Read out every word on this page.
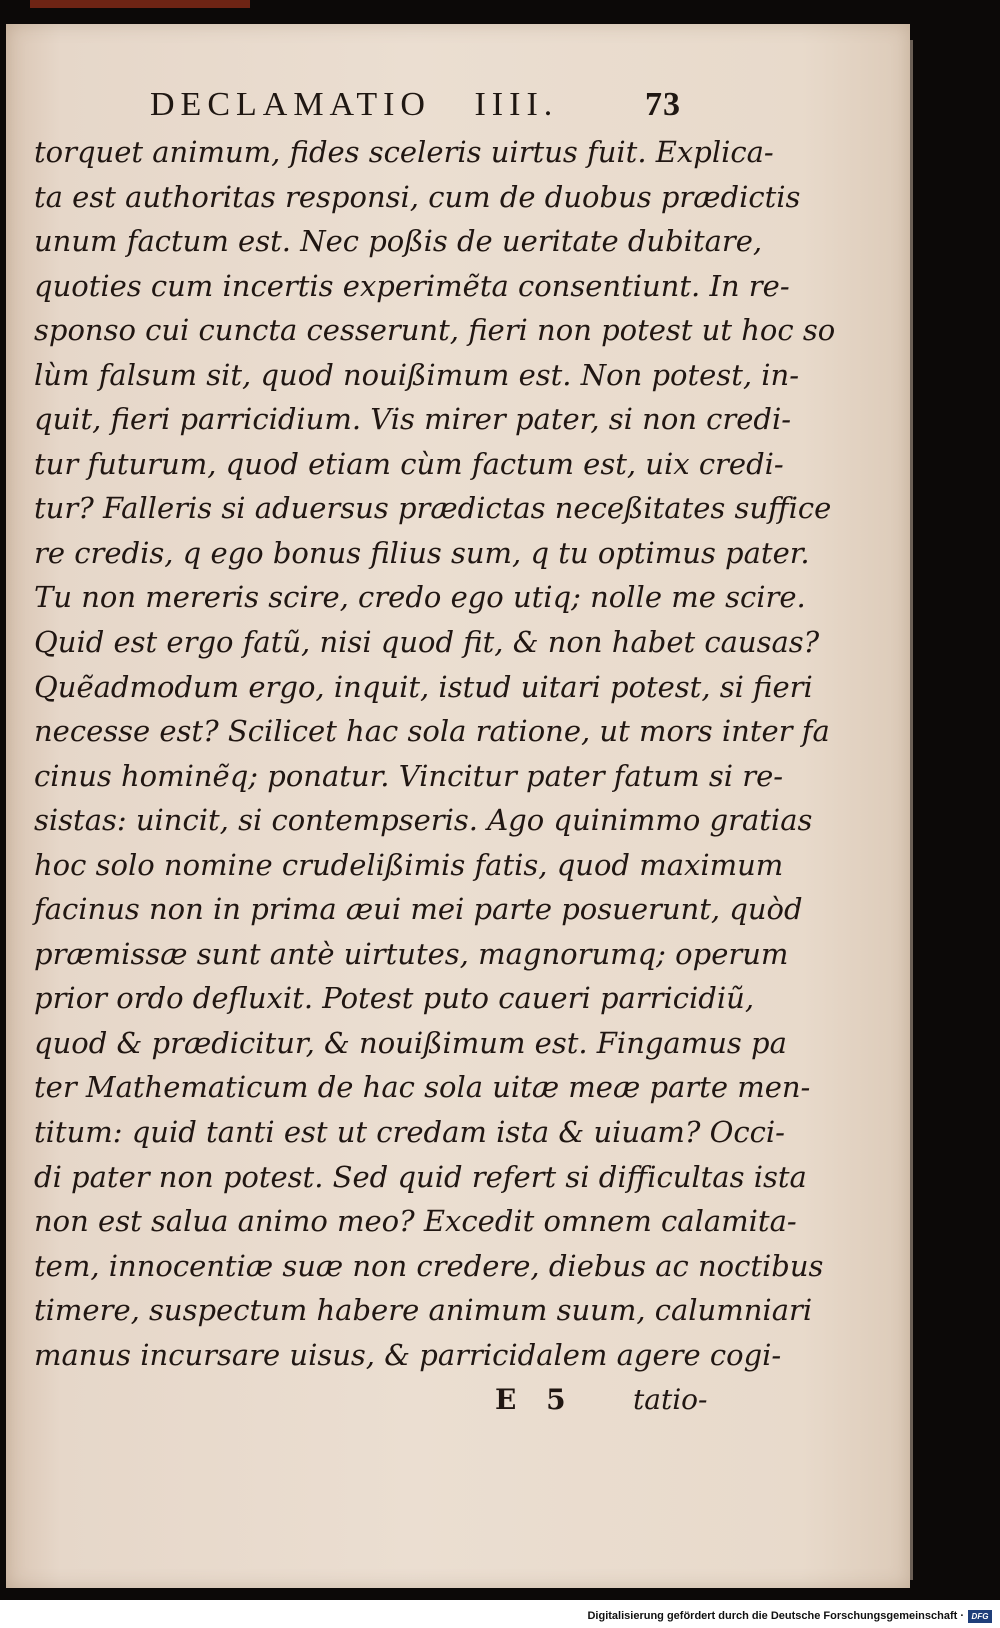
DECLAMATIO   IIII.	73
torquet animum, fides sceleris uirtus fuit. Explica-
ta est authoritas responsi, cum de duobus prædictis
unum factum est. Nec poßis de ueritate dubitare,
quoties cum incertis experimẽta consentiunt. In re-
sponso cui cuncta cesserunt, fieri non potest ut hoc so
lùm falsum sit, quod nouißimum est. Non potest, in-
quit, fieri parricidium. Vis mirer pater, si non credi-
tur futurum, quod etiam cùm factum est, uix credi-
tur? Falleris si aduersus prædictas neceßitates suffice
re credis, q ego bonus filius sum, q tu optimus pater.
Tu non mereris scire, credo ego utiq; nolle me scire.
Quid est ergo fatũ, nisi quod fit, & non habet causas?
Quẽadmodum ergo, inquit, istud uitari potest, si fieri
necesse est? Scilicet hac sola ratione, ut mors inter fa
cinus hominẽq; ponatur. Vincitur pater fatum si re-
sistas: uincit, si contempseris. Ago quinimmo gratias
hoc solo nomine crudelißimis fatis, quod maximum
facinus non in prima æui mei parte posuerunt, quòd
præmissæ sunt antè uirtutes, magnorumq; operum
prior ordo defluxit. Potest puto caueri parricidiũ,
quod & prædicitur, & nouißimum est. Fingamus pa
ter Mathematicum de hac sola uitæ meæ parte men-
titum: quid tanti est ut credam ista & uiuam? Occi-
di pater non potest. Sed quid refert si difficultas ista
non est salua animo meo? Excedit omnem calamita-
tem, innocentiæ suæ non credere, diebus ac noctibus
timere, suspectum habere animum suum, calumniari
manus incursare uisus, & parricidalem agere cogi-
E 5 tatio-
Digitalisierung gefördert durch die Deutsche Forschungsgemeinschaft · DFG
